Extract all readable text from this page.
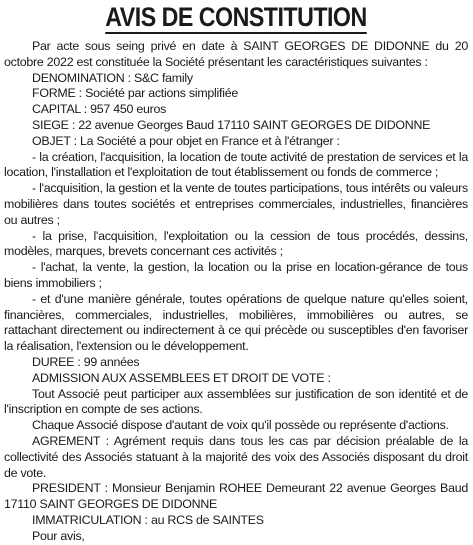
AVIS DE CONSTITUTION

Par acte sous seing privé en date à SAINT GEORGES DE DIDONNE du 20 octobre 2022 est constituée la Société présentant les caractéristiques suivantes :

DENOMINATION : S&C family

FORME : Société par actions simplifiée

CAPITAL : 957 450 euros

SIEGE : 22 avenue Georges Baud 17110 SAINT GEORGES DE DIDONNE

OBJET : La Société a pour objet en France et à l'étranger :

- la création, l'acquisition, la location de toute activité de prestation de services et la location, l'installation et l'exploitation de tout établissement ou fonds de commerce ;

- l'acquisition, la gestion et la vente de toutes participations, tous intérêts ou valeurs mobilières dans toutes sociétés et entreprises commerciales, industrielles, financières ou autres ;

- la prise, l'acquisition, l'exploitation ou la cession de tous procédés, dessins, modèles, marques, brevets concernant ces activités ;

- l'achat, la vente, la gestion, la location ou la prise en location-gérance de tous biens immobiliers ;

- et d'une manière générale, toutes opérations de quelque nature qu'elles soient, financières, commerciales, industrielles, mobilières, immobilières ou autres, se rattachant directement ou indirectement à ce qui précède ou susceptibles d'en favoriser la réalisation, l'extension ou le développement.

DUREE : 99 années

ADMISSION AUX ASSEMBLEES ET DROIT DE VOTE :

Tout Associé peut participer aux assemblées sur justification de son identité et de l'inscription en compte de ses actions.

Chaque Associé dispose d'autant de voix qu'il possède ou représente d'actions.

AGREMENT : Agrément requis dans tous les cas par décision préalable de la collectivité des Associés statuant à la majorité des voix des Associés disposant du droit de vote.

PRESIDENT : Monsieur Benjamin ROHEE Demeurant 22 avenue Georges Baud 17110 SAINT GEORGES DE DIDONNE

IMMATRICULATION : au RCS de SAINTES

Pour avis,
